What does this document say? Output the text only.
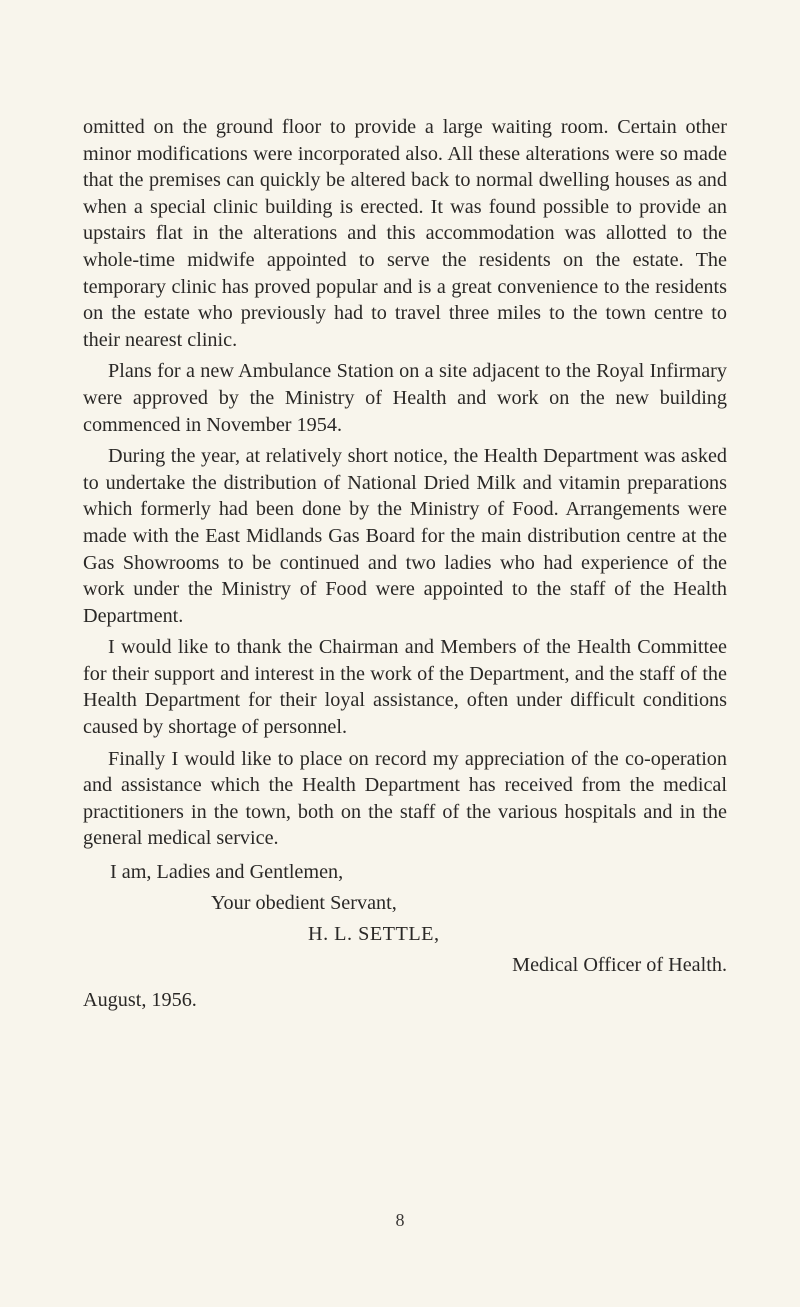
omitted on the ground floor to provide a large waiting room. Certain other minor modifications were incorporated also. All these alterations were so made that the premises can quickly be altered back to normal dwelling houses as and when a special clinic building is erected. It was found possible to provide an upstairs flat in the alterations and this accommodation was allotted to the whole-time midwife appointed to serve the residents on the estate. The temporary clinic has proved popular and is a great convenience to the residents on the estate who previously had to travel three miles to the town centre to their nearest clinic.

Plans for a new Ambulance Station on a site adjacent to the Royal Infirmary were approved by the Ministry of Health and work on the new building commenced in November 1954.

During the year, at relatively short notice, the Health Department was asked to undertake the distribution of National Dried Milk and vitamin preparations which formerly had been done by the Ministry of Food. Arrangements were made with the East Midlands Gas Board for the main distribution centre at the Gas Showrooms to be continued and two ladies who had experience of the work under the Ministry of Food were appointed to the staff of the Health Department.

I would like to thank the Chairman and Members of the Health Committee for their support and interest in the work of the Department, and the staff of the Health Department for their loyal assistance, often under difficult conditions caused by shortage of personnel.

Finally I would like to place on record my appreciation of the co-operation and assistance which the Health Department has received from the medical practitioners in the town, both on the staff of the various hospitals and in the general medical service.

I am, Ladies and Gentlemen,
Your obedient Servant,
H. L. SETTLE,
Medical Officer of Health.
August, 1956.
8
